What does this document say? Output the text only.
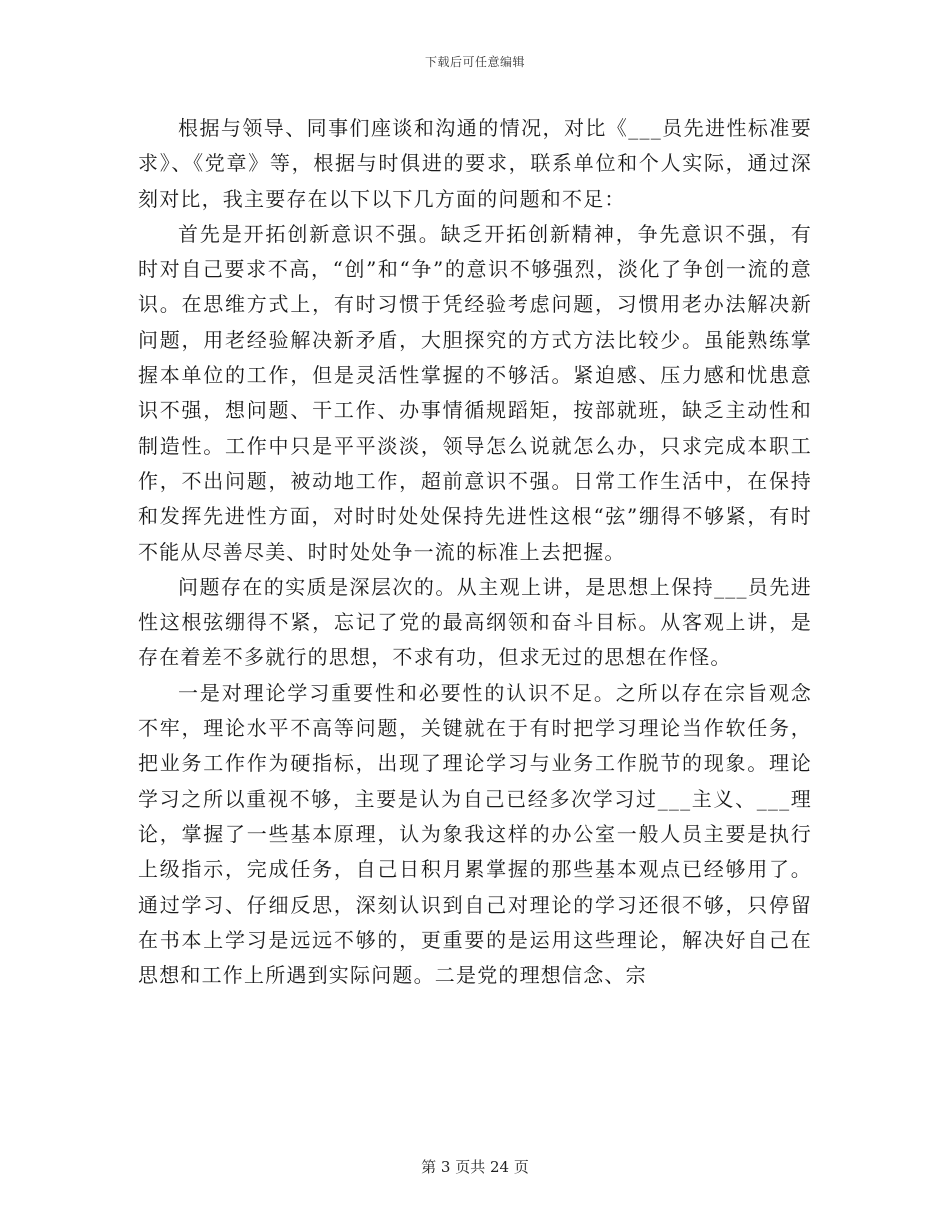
下载后可任意编辑

根据与领导、同事们座谈和沟通的情况，对比《___员先进性标准要求》、《党章》等，根据与时俱进的要求，联系单位和个人实际，通过深刻对比，我主要存在以下以下几方面的问题和不足：

首先是开拓创新意识不强。缺乏开拓创新精神，争先意识不强，有时对自己要求不高，“创”和“争”的意识不够强烈，淡化了争创一流的意识。在思维方式上，有时习惯于凭经验考虑问题，习惯用老办法解决新问题，用老经验解决新矛盾，大胆探究的方式方法比较少。虽能熟练掌握本单位的工作，但是灵活性掌握的不够活。紧迫感、压力感和忧患意识不强，想问题、干工作、办事情循规蹈矩，按部就班，缺乏主动性和制造性。工作中只是平平淡淡，领导怎么说就怎么办，只求完成本职工作，不出问题，被动地工作，超前意识不强。日常工作生活中，在保持和发挥先进性方面，对时时处处保持先进性这根“弦”绷得不够紧，有时不能从尽善尽美、时时处处争一流的标准上去把握。

问题存在的实质是深层次的。从主观上讲，是思想上保持___员先进性这根弦绷得不紧，忘记了党的最高纲领和奋斗目标。从客观上讲，是存在着差不多就行的思想，不求有功，但求无过的思想在作怪。

一是对理论学习重要性和必要性的认识不足。之所以存在宗旨观念不牢，理论水平不高等问题，关键就在于有时把学习理论当作软任务，把业务工作作为硬指标，出现了理论学习与业务工作脱节的现象。理论学习之所以重视不够，主要是认为自己已经多次学习过___主义、___理论，掌握了一些基本原理，认为象我这样的办公室一般人员主要是执行上级指示，完成任务，自己日积月累掌握的那些基本观点已经够用了。通过学习、仔细反思，深刻认识到自己对理论的学习还很不够，只停留在书本上学习是远远不够的，更重要的是运用这些理论，解决好自己在思想和工作上所遇到实际问题。二是党的理想信念、宗

第 3 页共 24 页
